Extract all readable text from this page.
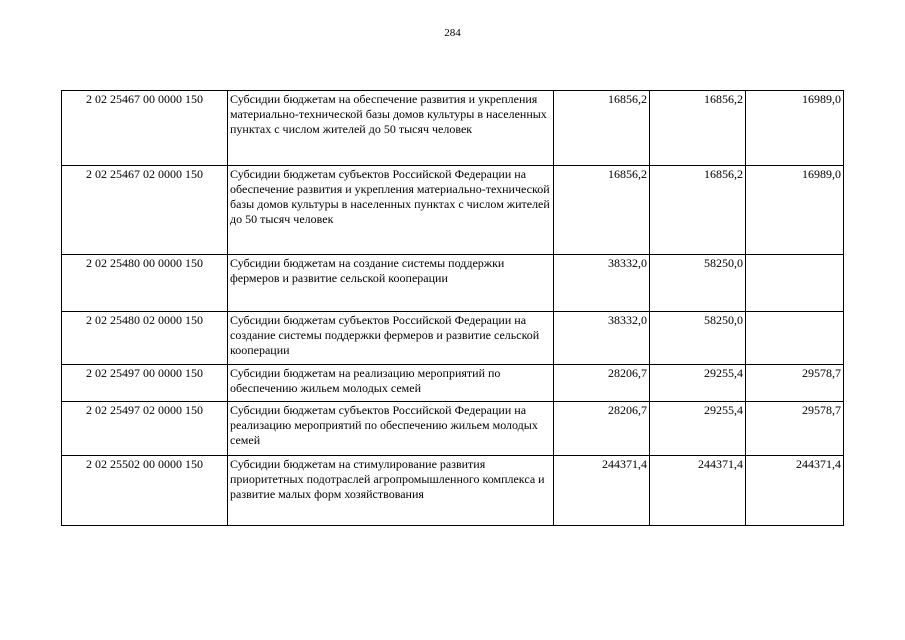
284
2 02 25467 00 0000 150	Субсидии бюджетам на обеспечение развития и укрепления материально-технической базы домов культуры в населенных пунктах с числом жителей до 50 тысяч человек	16856,2	16856,2	16989,0
2 02 25467 02 0000 150	Субсидии бюджетам субъектов Российской Федерации на обеспечение развития и укрепления материально-технической базы домов культуры в населенных пунктах с числом жителей до 50 тысяч человек	16856,2	16856,2	16989,0
2 02 25480 00 0000 150	Субсидии бюджетам на создание системы поддержки фермеров и развитие сельской кооперации	38332,0	58250,0	
2 02 25480 02 0000 150	Субсидии бюджетам субъектов Российской Федерации на создание системы поддержки фермеров и развитие сельской кооперации	38332,0	58250,0	
2 02 25497 00 0000 150	Субсидии бюджетам на реализацию мероприятий по обеспечению жильем молодых семей	28206,7	29255,4	29578,7
2 02 25497 02 0000 150	Субсидии бюджетам субъектов Российской Федерации на реализацию мероприятий по обеспечению жильем молодых семей	28206,7	29255,4	29578,7
2 02 25502 00 0000 150	Субсидии бюджетам на стимулирование развития приоритетных подотраслей агропромышленного комплекса и развитие малых форм хозяйствования	244371,4	244371,4	244371,4
